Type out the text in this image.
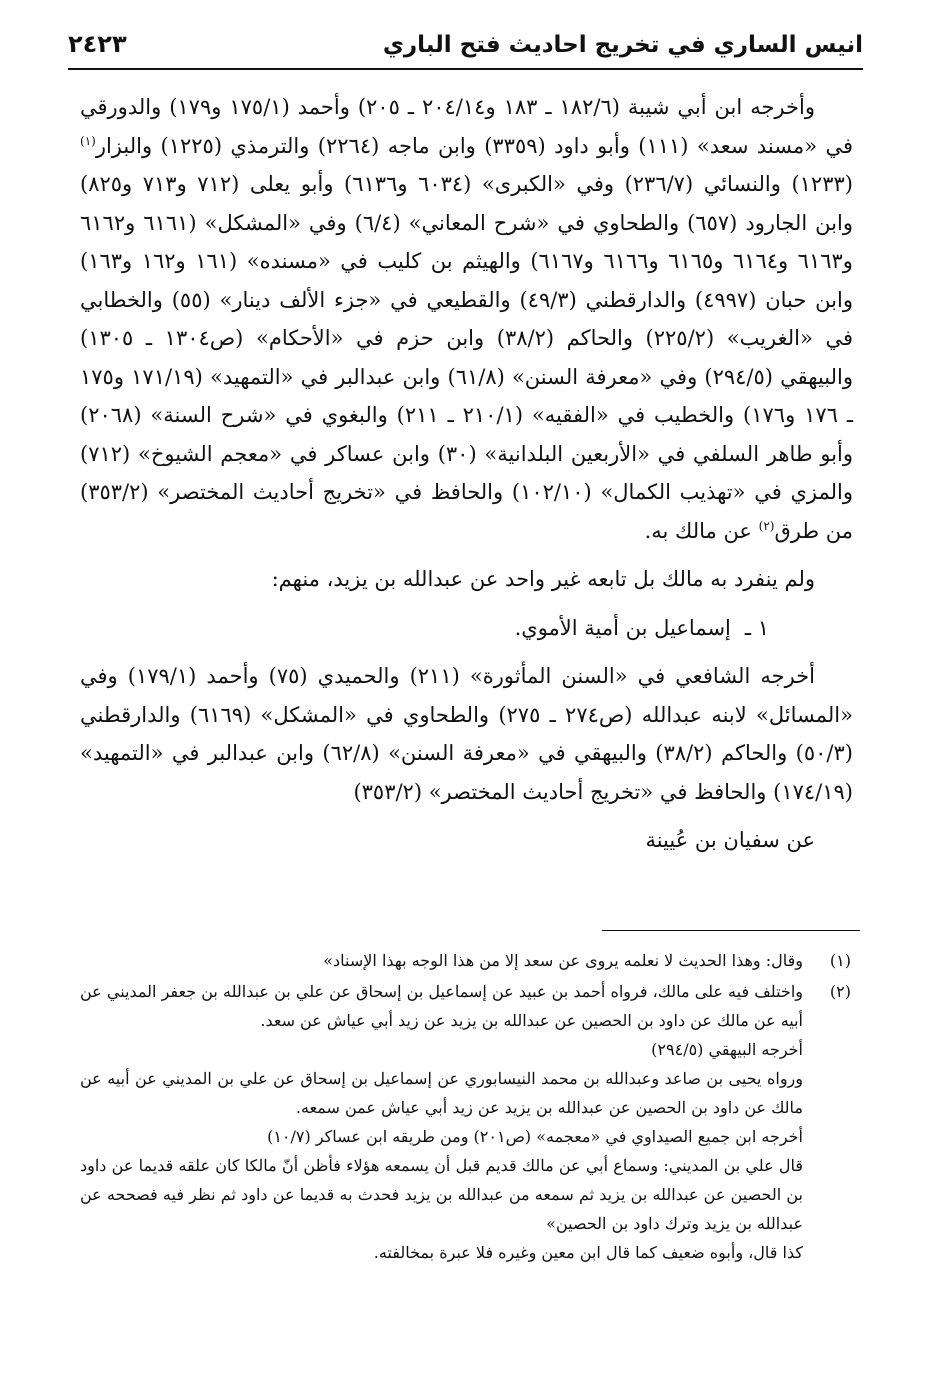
انيس الساري في تخريج احاديث فتح الباري
٢٤٢٣

وأخرجه ابن أبي شيبة (١٨٢/٦ ـ ١٨٣ و٢٠٤/١٤ ـ ٢٠٥) وأحمد (١٧٥/١ و١٧٩) والدورقي في «مسند سعد» (١١١) وأبو داود (٣٣٥٩) وابن ماجه (٢٢٦٤) والترمذي (١٢٢٥) والبزار$^{(١)}$ (١٢٣٣) والنسائي (٢٣٦/٧) وفي «الكبرى» (٦٠٣٤ و٦١٣٦) وأبو يعلى (٧١٢ و٧١٣ و٨٢٥) وابن الجارود (٦٥٧) والطحاوي في «شرح المعاني» (٦/٤) وفي «المشكل» (٦١٦١ و٦١٦٢ و٦١٦٣ و٦١٦٤ و٦١٦٥ و٦١٦٦ و٦١٦٧) والهيثم بن كليب في «مسنده» (١٦١ و١٦٢ و١٦٣) وابن حبان (٤٩٩٧) والدارقطني (٤٩/٣) والقطيعي في «جزء الألف دينار» (٥٥) والخطابي في «الغريب» (٢٢٥/٢) والحاكم (٣٨/٢) وابن حزم في «الأحكام» (ص١٣٠٤ ـ ١٣٠٥) والبيهقي (٢٩٤/٥) وفي «معرفة السنن» (٦١/٨) وابن عبدالبر في «التمهيد» (١٧١/١٩ و١٧٥ ـ ١٧٦ و١٧٦) والخطيب في «الفقيه» (٢١٠/١ ـ ٢١١) والبغوي في «شرح السنة» (٢٠٦٨) وأبو طاهر السلفي في «الأربعين البلدانية» (٣٠) وابن عساكر في «معجم الشيوخ» (٧١٢) والمزي في «تهذيب الكمال» (١٠٢/١٠) والحافظ في «تخريج أحاديث المختصر» (٣٥٣/٢) من طرق$^{(٢)}$ عن مالك به.

ولم ينفرد به مالك بل تابعه غير واحد عن عبدالله بن يزيد، منهم:

١ ـ
إسماعيل بن أمية الأموي.

أخرجه الشافعي في «السنن المأثورة» (٢١١) والحميدي (٧٥) وأحمد (١٧٩/١) وفي «المسائل» لابنه عبدالله (ص٢٧٤ ـ ٢٧٥) والطحاوي في «المشكل» (٦١٦٩) والدارقطني (٥٠/٣) والحاكم (٣٨/٢) والبيهقي في «معرفة السنن» (٦٢/٨) وابن عبدالبر في «التمهيد» (١٧٤/١٩) والحافظ في «تخريج أحاديث المختصر» (٣٥٣/٢)

عن سفيان بن عُيينة

(١)
وقال: وهذا الحديث لا نعلمه يروى عن سعد إلا من هذا الوجه بهذا الإسناد»
(٢)
واختلف فيه على مالك، فرواه أحمد بن عبيد عن إسماعيل بن إسحاق عن علي بن عبدالله بن جعفر المديني عن أبيه عن مالك عن داود بن الحصين عن عبدالله بن يزيد عن زيد أبي عياش عن سعد.
أخرجه البيهقي (٢٩٤/٥)
ورواه يحيى بن صاعد وعبدالله بن محمد النيسابوري عن إسماعيل بن إسحاق عن علي بن المديني عن أبيه عن مالك عن داود بن الحصين عن عبدالله بن يزيد عن زيد أبي عياش عمن سمعه.
أخرجه ابن جميع الصيداوي في «معجمه» (ص٢٠١) ومن طريقه ابن عساكر (١٠/٧)
قال علي بن المديني: وسماع أبي عن مالك قديم قبل أن يسمعه هؤلاء فأظن أنّ مالكا كان علقه قديما عن داود بن الحصين عن عبدالله بن يزيد ثم سمعه من عبدالله بن يزيد فحدث به قديما عن داود ثم نظر فيه فصححه عن عبدالله بن يزيد وترك داود بن الحصين»
كذا قال، وأبوه ضعيف كما قال ابن معين وغيره فلا عبرة بمخالفته.
